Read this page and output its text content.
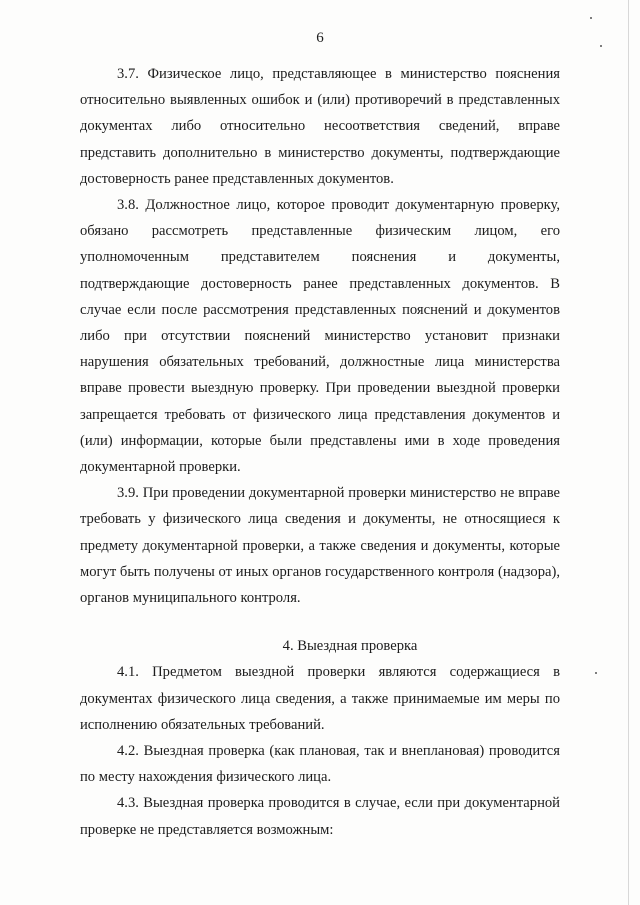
6

3.7. Физическое лицо, представляющее в министерство пояснения относительно выявленных ошибок и (или) противоречий в представленных документах либо относительно несоответствия сведений, вправе представить дополнительно в министерство документы, подтверждающие достоверность ранее представленных документов.

3.8. Должностное лицо, которое проводит документарную проверку, обязано рассмотреть представленные физическим лицом, его уполномоченным представителем пояснения и документы, подтверждающие достоверность ранее представленных документов. В случае если после рассмотрения представленных пояснений и документов либо при отсутствии пояснений министерство установит признаки нарушения обязательных требований, должностные лица министерства вправе провести выездную проверку. При проведении выездной проверки запрещается требовать от физического лица представления документов и (или) информации, которые были представлены ими в ходе проведения документарной проверки.

3.9. При проведении документарной проверки министерство не вправе требовать у физического лица сведения и документы, не относящиеся к предмету документарной проверки, а также сведения и документы, которые могут быть получены от иных органов государственного контроля (надзора), органов муниципального контроля.

4. Выездная проверка

4.1. Предметом выездной проверки являются содержащиеся в документах физического лица сведения, а также принимаемые им меры по исполнению обязательных требований.

4.2. Выездная проверка (как плановая, так и внеплановая) проводится по месту нахождения физического лица.

4.3. Выездная проверка проводится в случае, если при документарной проверке не представляется возможным:
